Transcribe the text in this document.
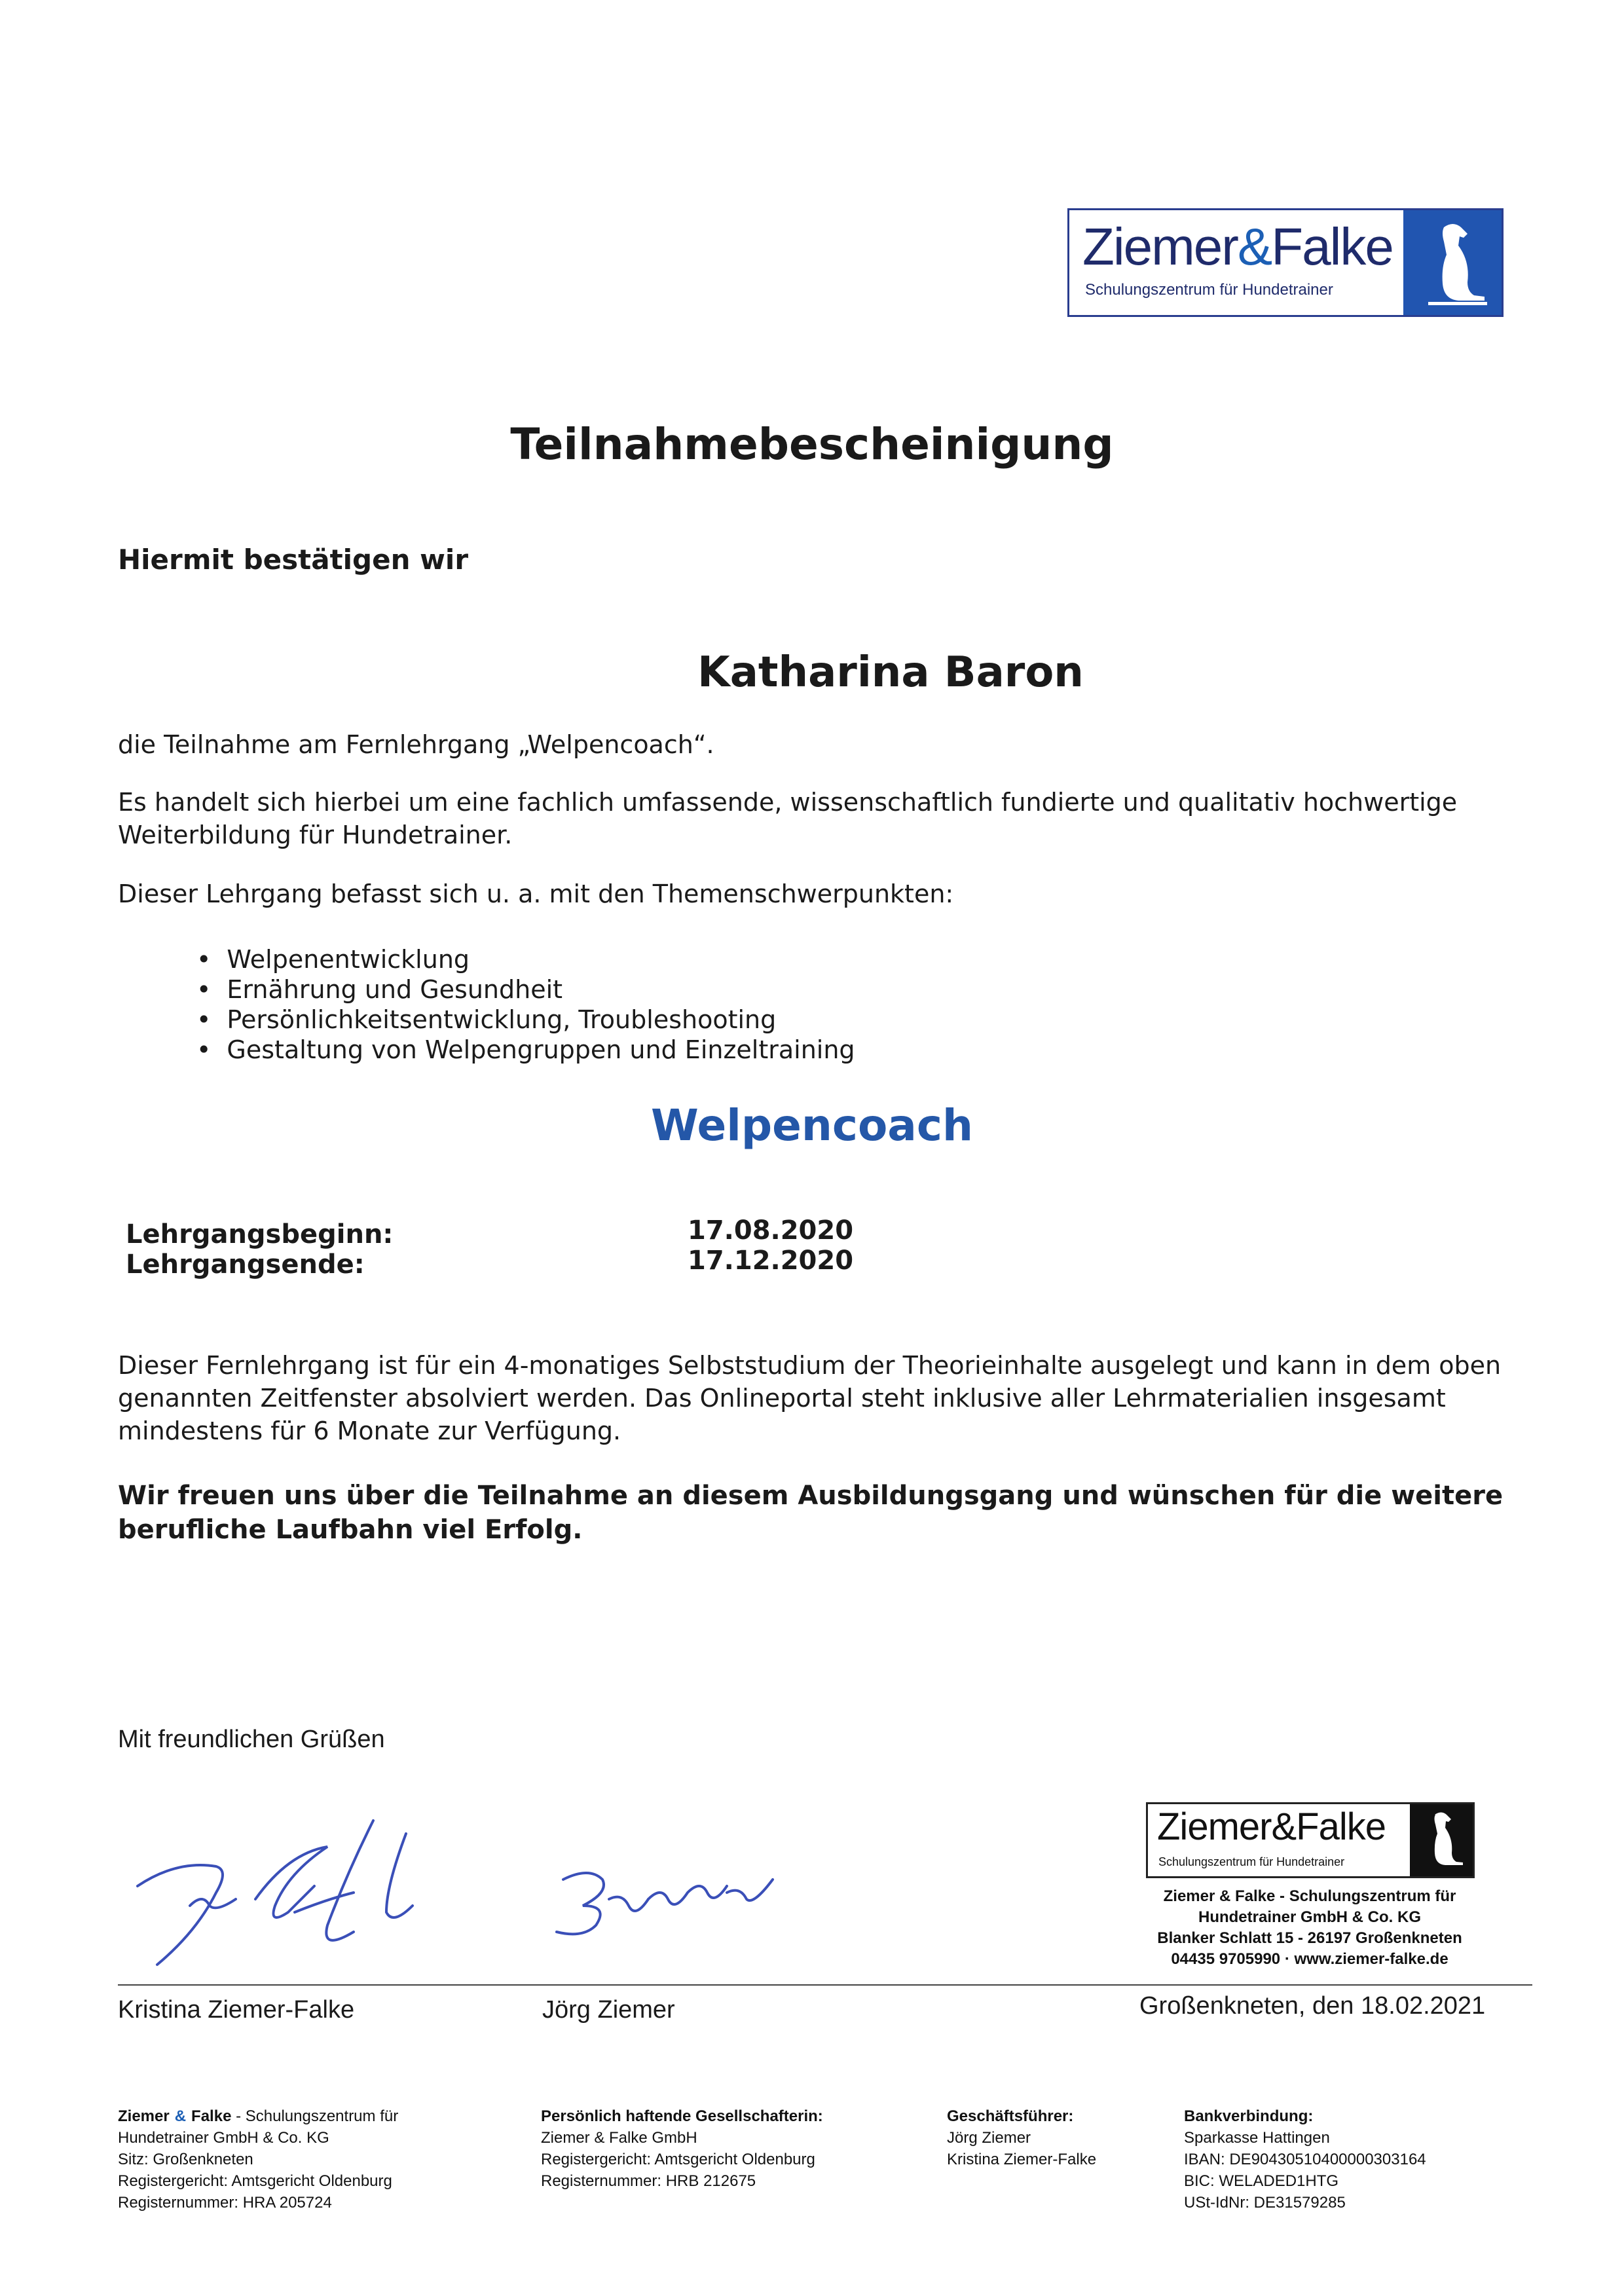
Ziemer&Falke
Schulungszentrum für Hundetrainer
Teilnahmebescheinigung
Hiermit bestätigen wir
Katharina Baron
die Teilnahme am Fernlehrgang „Welpencoach“.
Es handelt sich hierbei um eine fachlich umfassende, wissenschaftlich fundierte und qualitativ hochwertige Weiterbildung für Hundetrainer.
Dieser Lehrgang befasst sich u. a. mit den Themenschwerpunkten:
• Welpenentwicklung
• Ernährung und Gesundheit
• Persönlichkeitsentwicklung, Troubleshooting
• Gestaltung von Welpengruppen und Einzeltraining
Welpencoach
Lehrgangsbeginn:	17.08.2020
Lehrgangsende:	17.12.2020
Dieser Fernlehrgang ist für ein 4-monatiges Selbststudium der Theorieinhalte ausgelegt und kann in dem oben genannten Zeitfenster absolviert werden. Das Onlineportal steht inklusive aller Lehrmaterialien insgesamt mindestens für 6 Monate zur Verfügung.
Wir freuen uns über die Teilnahme an diesem Ausbildungsgang und wünschen für die weitere berufliche Laufbahn viel Erfolg.
Mit freundlichen Grüßen
Kristina Ziemer-Falke	Jörg Ziemer	Großenkneten, den 18.02.2021
Ziemer&Falke
Schulungszentrum für Hundetrainer
Ziemer & Falke - Schulungszentrum für
Hundetrainer GmbH & Co. KG
Blanker Schlatt 15 - 26197 Großenkneten
04435 9705990 · www.ziemer-falke.de
Ziemer & Falke - Schulungszentrum für
Hundetrainer GmbH & Co. KG
Sitz: Großenkneten
Registergericht: Amtsgericht Oldenburg
Registernummer: HRA 205724
Persönlich haftende Gesellschafterin:
Ziemer & Falke GmbH
Registergericht: Amtsgericht Oldenburg
Registernummer: HRB 212675
Geschäftsführer:
Jörg Ziemer
Kristina Ziemer-Falke
Bankverbindung:
Sparkasse Hattingen
IBAN: DE90430510400000303164
BIC: WELADED1HTG
USt-IdNr: DE31579285
